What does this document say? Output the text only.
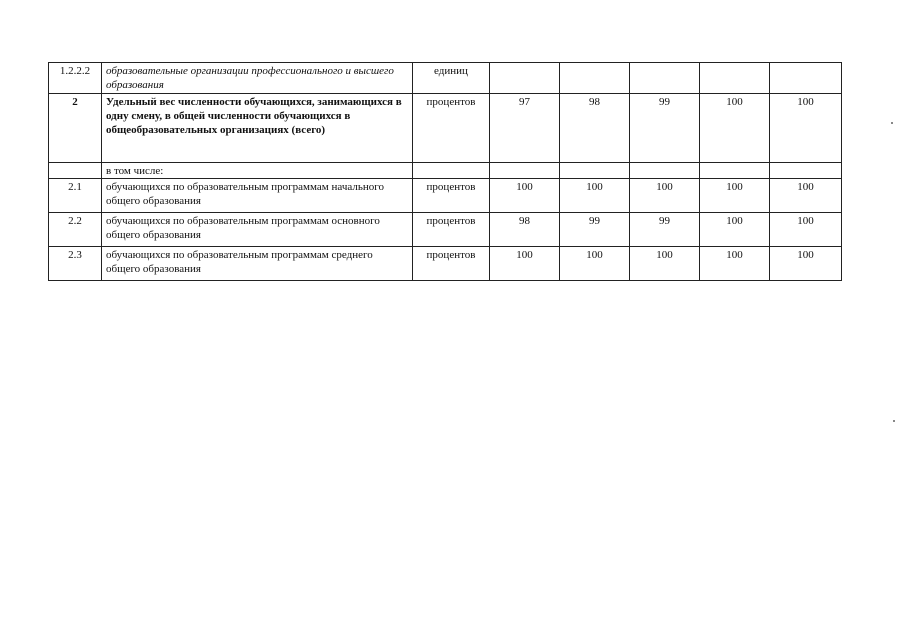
1.2.2.2	образовательные организации профессионального и высшего образования	единиц					
2	Удельный вес численности обучающихся, занимающихся в одну смену, в общей численности обучающихся в общеобразовательных организациях (всего)	процентов	97	98	99	100	100
	в том числе:						
2.1	обучающихся по образовательным программам начального общего образования	процентов	100	100	100	100	100
2.2	обучающихся по образовательным программам основного общего образования	процентов	98	99	99	100	100
2.3	обучающихся по образовательным программам среднего общего образования	процентов	100	100	100	100	100
